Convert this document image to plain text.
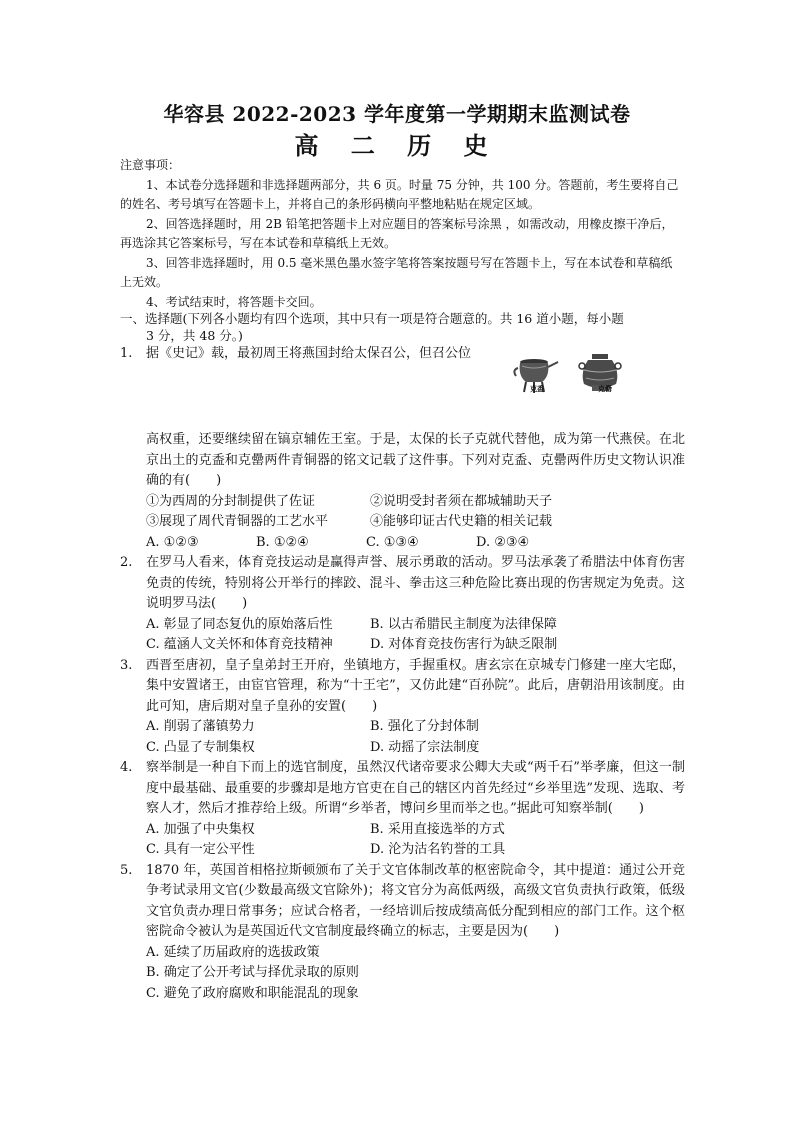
华容县 2022-2023 学年度第一学期期末监测试卷
高 二 历 史
注意事项：

1、本试卷分选择题和非选择题两部分，共 6 页。时量 75 分钟，共 100 分。答题前，考生要将自己的姓名、考号填写在答题卡上，并将自己的条形码横向平整地粘贴在规定区域。

2、回答选择题时，用 2B 铅笔把答题卡上对应题目的答案标号涂黑 ，如需改动，用橡皮擦干净后，再选涂其它答案标号，写在本试卷和草稿纸上无效。

3、回答非选择题时，用 0.5 毫米黑色墨水签字笔将答案按题号写在答题卡上，写在本试卷和草稿纸上无效。

4、考试结束时，将答题卡交回。

一、选择题(下列各小题均有四个选项，其中只有一项是符合题意的。共 16 道小题，每小题
3 分，共 48 分。)
克盉	克罍
1. 据《史记》载，最初周王将燕国封给太保召公，但召公位
高权重，还要继续留在镐京辅佐王室。于是，太保的长子克就代替他，成为第一代燕侯。在北京出土的克盉和克罍两件青铜器的铭文记载了这件事。下列对克盉、克罍两件历史文物认识准确的有(　　)
①为西周的分封制提供了佐证	②说明受封者须在都城辅助天子
③展现了周代青铜器的工艺水平	④能够印证古代史籍的相关记载
A. ①②③	B. ①②④	C. ①③④	D. ②③④
2. 在罗马人看来，体育竞技运动是赢得声誉、展示勇敢的活动。罗马法承袭了希腊法中体育伤害免责的传统，特别将公开举行的摔跤、混斗、拳击这三种危险比赛出现的伤害规定为免责。这说明罗马法(　　)
A. 彰显了同态复仇的原始落后性	B. 以古希腊民主制度为法律保障
C. 蕴涵人文关怀和体育竞技精神	D. 对体育竞技伤害行为缺乏限制
3. 西晋至唐初，皇子皇弟封王开府，坐镇地方，手握重权。唐玄宗在京城专门修建一座大宅邸，集中安置诸王，由宦官管理，称为“十王宅”，又仿此建“百孙院”。此后，唐朝沿用该制度。由此可知，唐后期对皇子皇孙的安置(　　)
A. 削弱了藩镇势力	B. 强化了分封体制
C. 凸显了专制集权	D. 动摇了宗法制度
4. 察举制是一种自下而上的选官制度，虽然汉代诸帝要求公卿大夫或“两千石”举孝廉，但这一制度中最基础、最重要的步骤却是地方官吏在自己的辖区内首先经过“乡举里选”发现、选取、考察人才，然后才推荐给上级。所谓“乡举者，博问乡里而举之也。”据此可知察举制(　　)
A. 加强了中央集权	B. 采用直接选举的方式
C. 具有一定公平性	D. 沦为沽名钓誉的工具
5. 1870 年，英国首相格拉斯顿颁布了关于文官体制改革的枢密院命令，其中提道：通过公开竞争考试录用文官(少数最高级文官除外)；将文官分为高低两级，高级文官负责执行政策，低级文官负责办理日常事务；应试合格者，一经培训后按成绩高低分配到相应的部门工作。这个枢密院命令被认为是英国近代文官制度最终确立的标志，主要是因为(　　)
A. 延续了历届政府的选拔政策
B. 确定了公开考试与择优录取的原则
C. 避免了政府腐败和职能混乱的现象
